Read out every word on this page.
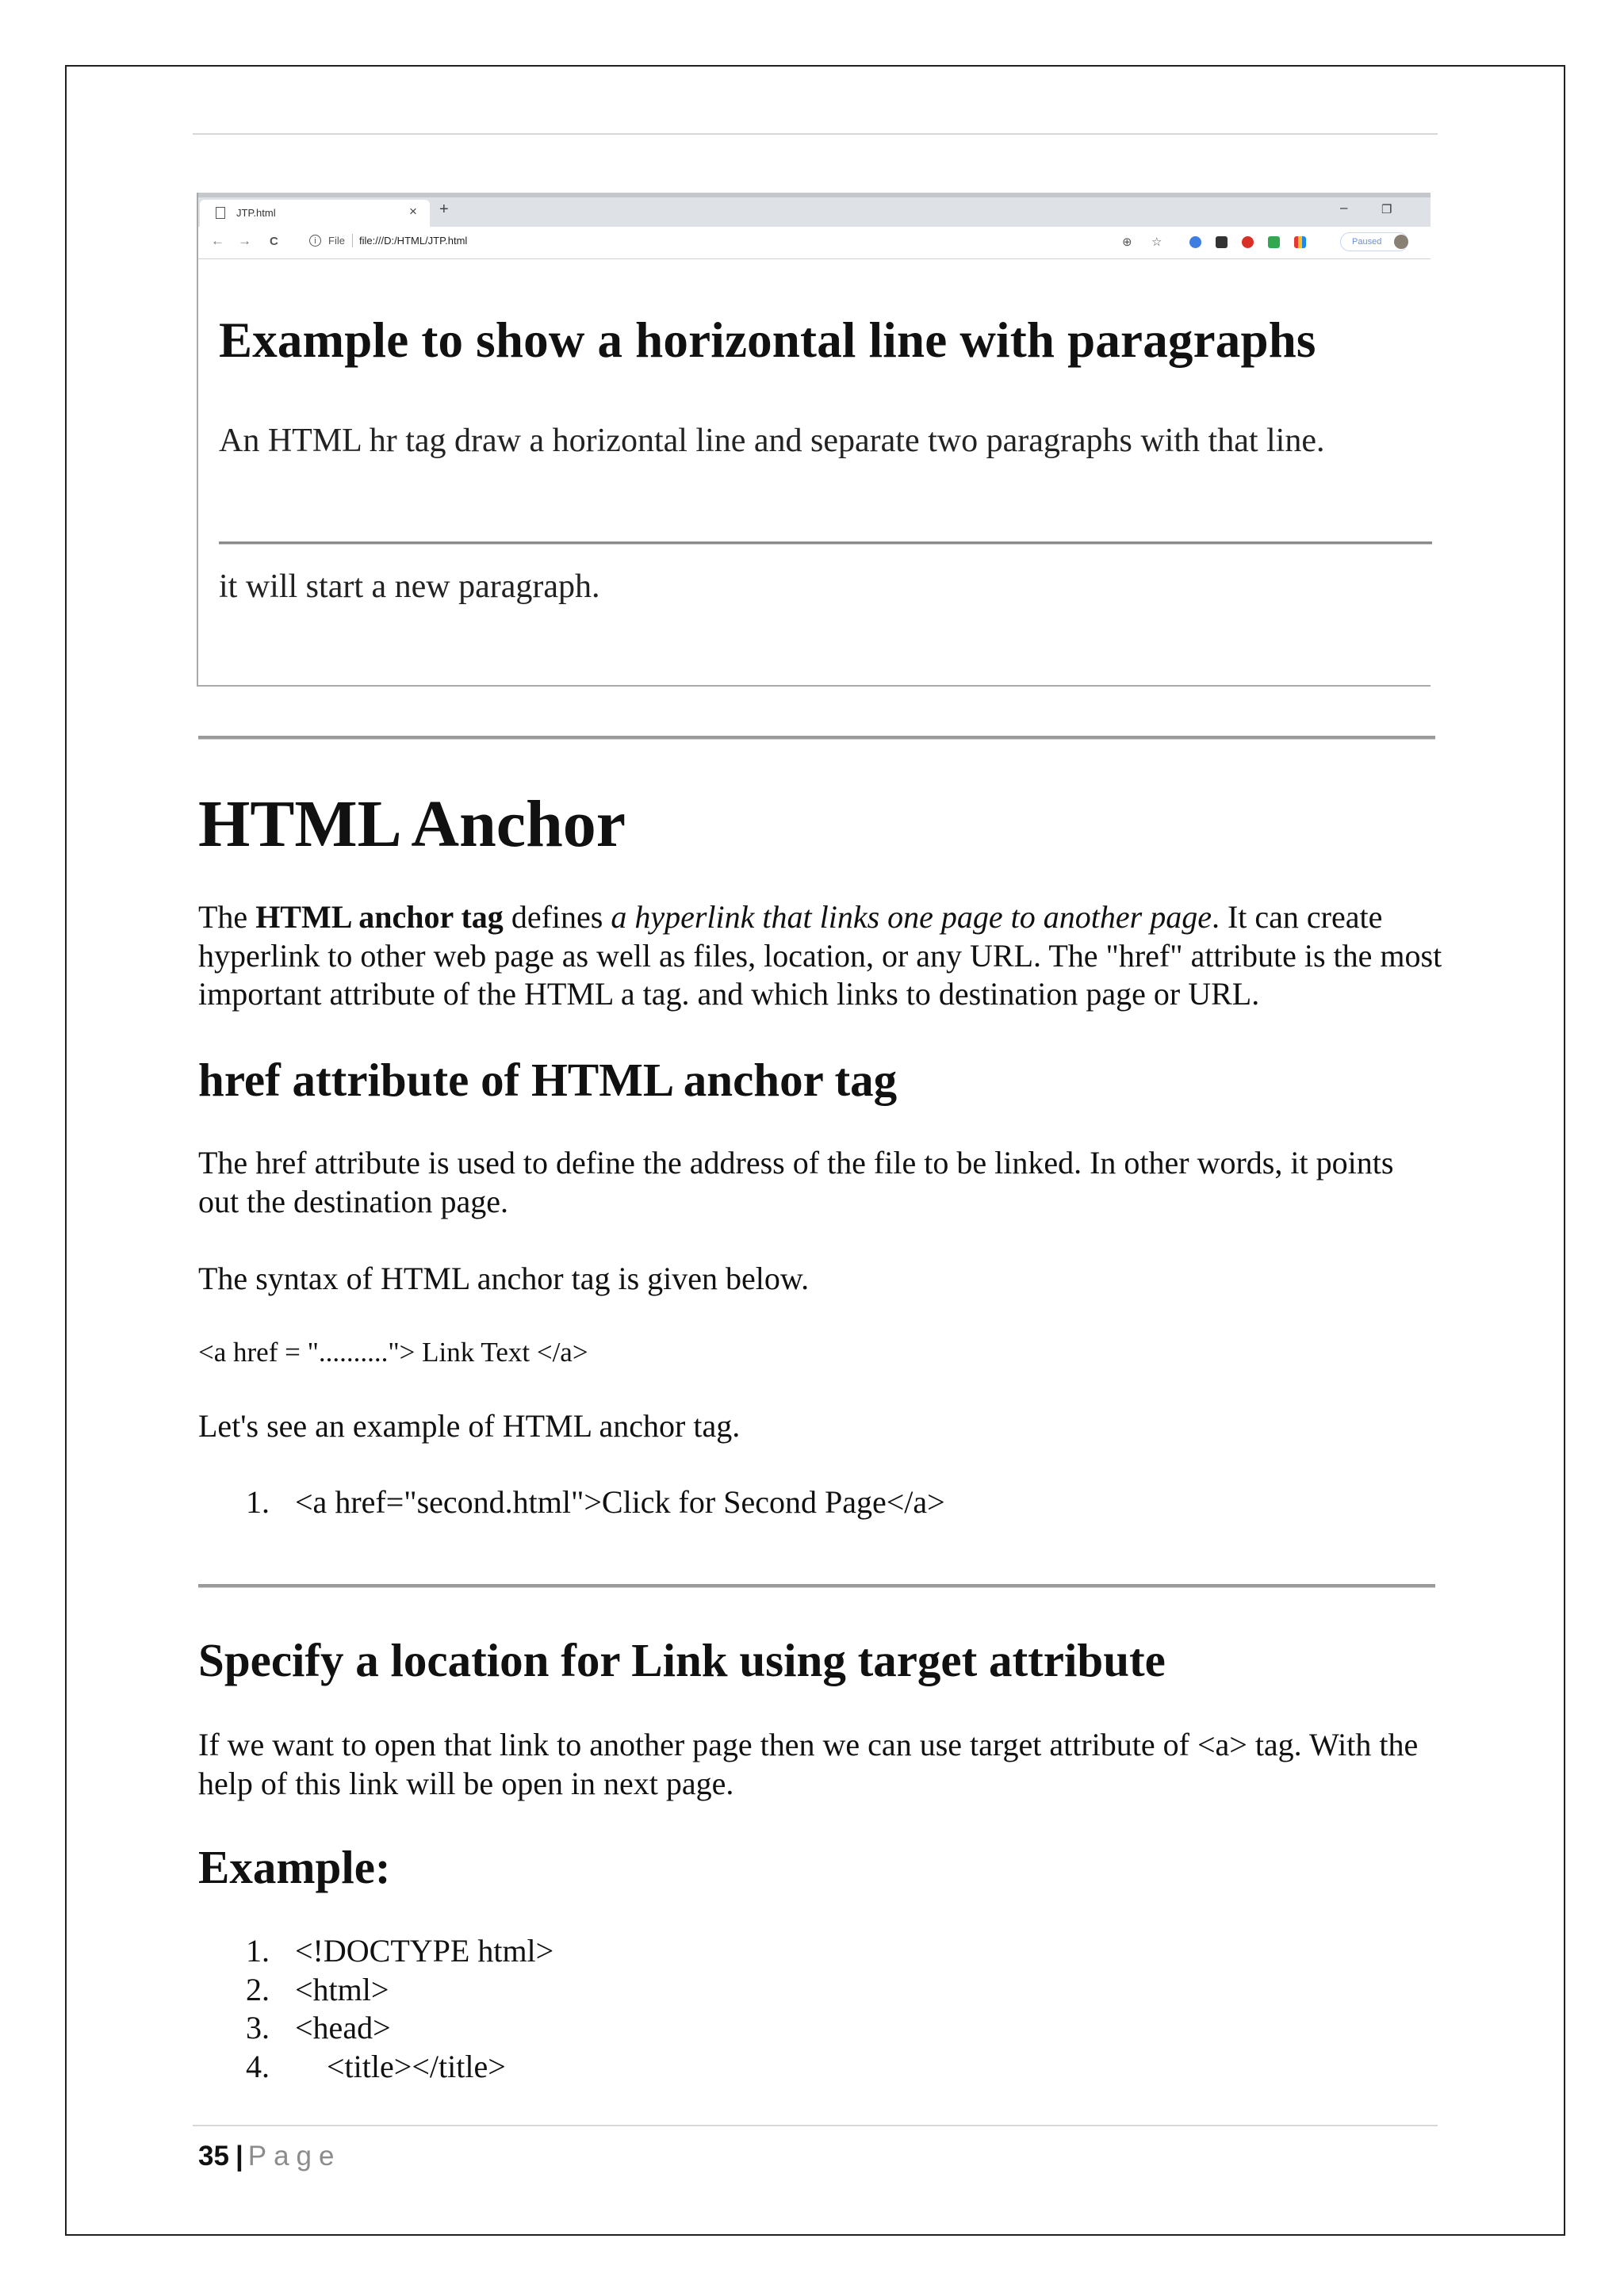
JTP.html	× +	–	❐
← → C	i	File file:///D:/HTML/JTP.html	⊕ ☆	Paused
Example to show a horizontal line with paragraphs

An HTML hr tag draw a horizontal line and separate two paragraphs with that line.

it will start a new paragraph.

HTML Anchor

The HTML anchor tag defines a hyperlink that links one page to another page. It can create hyperlink to other web page as well as files, location, or any URL. The "href" attribute is the most important attribute of the HTML a tag. and which links to destination page or URL.

href attribute of HTML anchor tag

The href attribute is used to define the address of the file to be linked. In other words, it points out the destination page.

The syntax of HTML anchor tag is given below.

<a href = ".........."> Link Text </a>

Let's see an example of HTML anchor tag.

1. <a href="second.html">Click for Second Page</a>
Specify a location for Link using target attribute

If we want to open that link to another page then we can use target attribute of <a> tag. With the help of this link will be open in next page.

Example:
1. <!DOCTYPE html>
2. <html>
3. <head>
4. <title></title>
35 | Page
